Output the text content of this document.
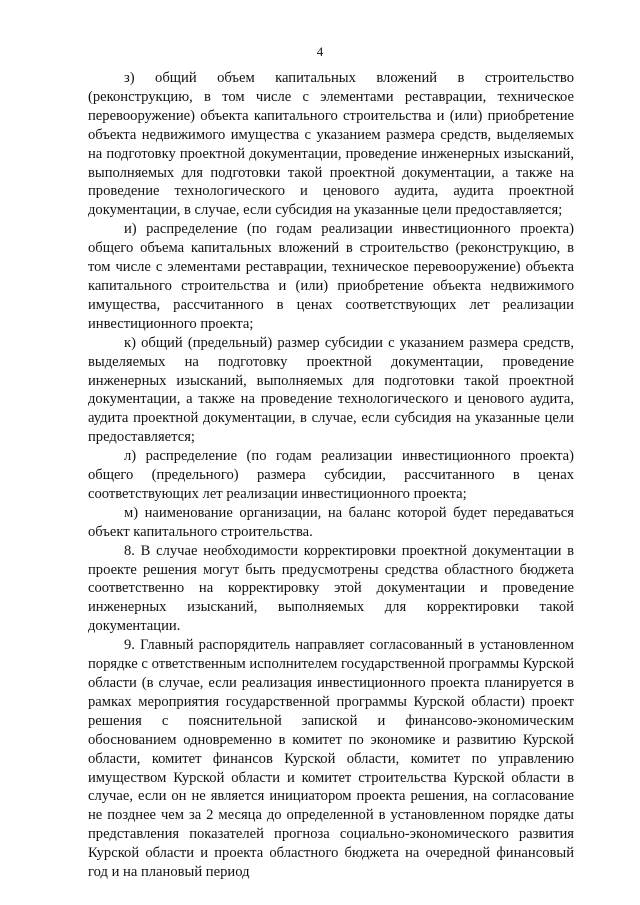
4

з) общий объем капитальных вложений в строительство (реконструкцию, в том числе с элементами реставрации, техническое перевооружение) объекта капитального строительства и (или) приобретение объекта недвижимого имущества с указанием размера средств, выделяемых на подготовку проектной документации, проведение инженерных изысканий, выполняемых для подготовки такой проектной документации, а также на проведение технологического и ценового аудита, аудита проектной документации, в случае, если субсидия на указанные цели предоставляется;

и) распределение (по годам реализации инвестиционного проекта) общего объема капитальных вложений в строительство (реконструкцию, в том числе с элементами реставрации, техническое перевооружение) объекта капитального строительства и (или) приобретение объекта недвижимого имущества, рассчитанного в ценах соответствующих лет реализации инвестиционного проекта;

к) общий (предельный) размер субсидии с указанием размера средств, выделяемых на подготовку проектной документации, проведение инженерных изысканий, выполняемых для подготовки такой проектной документации, а также на проведение технологического и ценового аудита, аудита проектной документации, в случае, если субсидия на указанные цели предоставляется;

л) распределение (по годам реализации инвестиционного проекта) общего (предельного) размера субсидии, рассчитанного в ценах соответствующих лет реализации инвестиционного проекта;

м) наименование организации, на баланс которой будет передаваться объект капитального строительства.

8. В случае необходимости корректировки проектной документации в проекте решения могут быть предусмотрены средства областного бюджета соответственно на корректировку этой документации и проведение инженерных изысканий, выполняемых для корректировки такой документации.

9. Главный распорядитель направляет согласованный в установленном порядке с ответственным исполнителем государственной программы Курской области (в случае, если реализация инвестиционного проекта планируется в рамках мероприятия государственной программы Курской области) проект решения с пояснительной запиской и финансово-экономическим обоснованием одновременно в комитет по экономике и развитию Курской области, комитет финансов Курской области, комитет по управлению имуществом Курской области и комитет строительства Курской области в случае, если он не является инициатором проекта решения, на согласование не позднее чем за 2 месяца до определенной в установленном порядке даты представления показателей прогноза социально-экономического развития Курской области и проекта областного бюджета на очередной финансовый год и на плановый период
